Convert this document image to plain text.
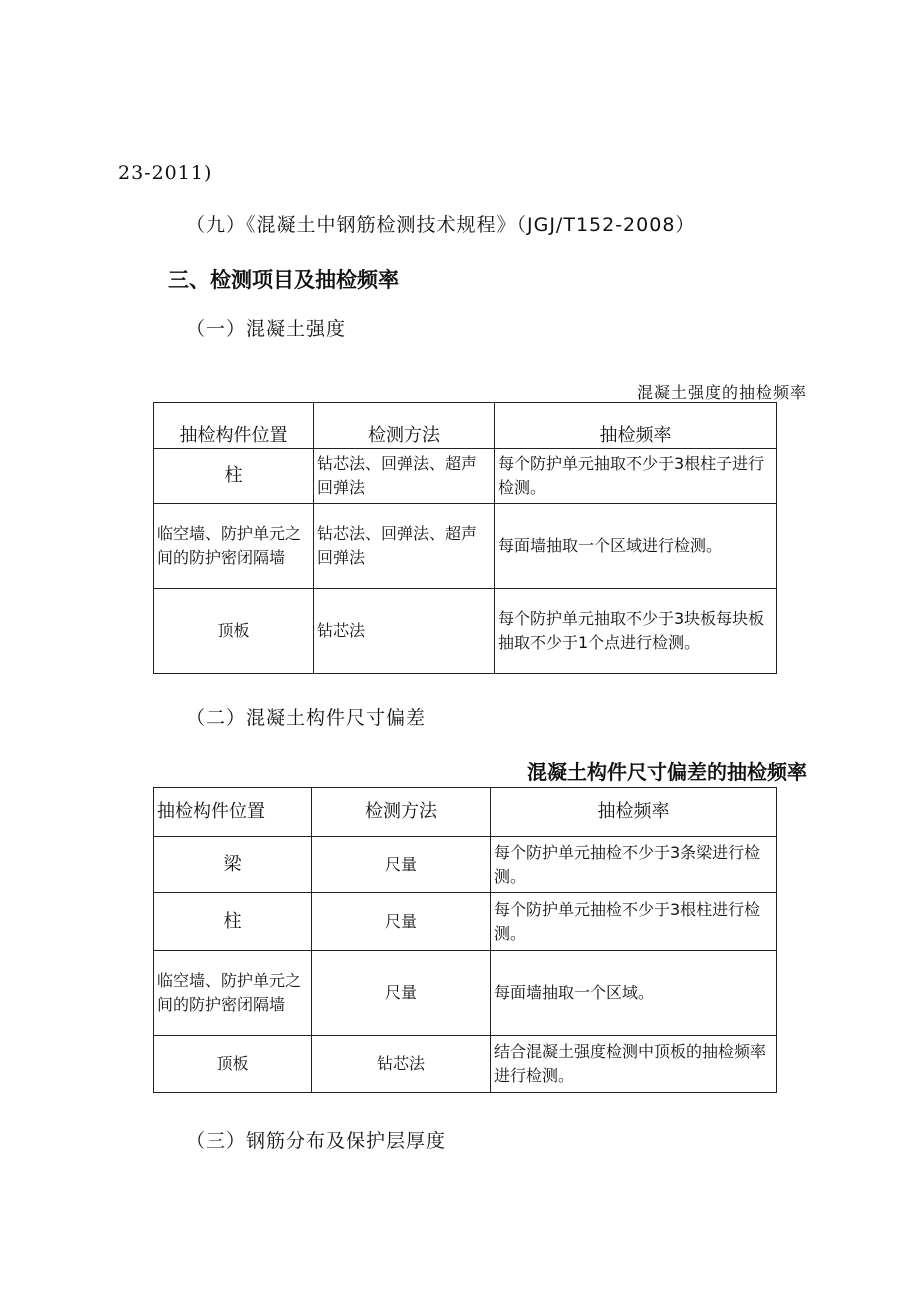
23-2011)
（九）《混凝土中钢筋检测技术规程》（JGJ/T152-2008）
三、检测项目及抽检频率
（一）混凝土强度
混凝土强度的抽检频率
抽检构件位置	检测方法	抽检频率
柱	钻芯法、回弹法、超声回弹法	每个防护单元抽取不少于3根柱子进行检测。
临空墙、防护单元之间的防护密闭隔墙	钻芯法、回弹法、超声回弹法	每面墙抽取一个区域进行检测。
顶板	钻芯法	每个防护单元抽取不少于3块板每块板抽取不少于1个点进行检测。
（二）混凝土构件尺寸偏差
混凝土构件尺寸偏差的抽检频率
抽检构件位置	检测方法	抽检频率
梁	尺量	每个防护单元抽检不少于3条梁进行检测。
柱	尺量	每个防护单元抽检不少于3根柱进行检测。
临空墙、防护单元之间的防护密闭隔墙	尺量	每面墙抽取一个区域。
顶板	钻芯法	结合混凝土强度检测中顶板的抽检频率进行检测。
（三）钢筋分布及保护层厚度
